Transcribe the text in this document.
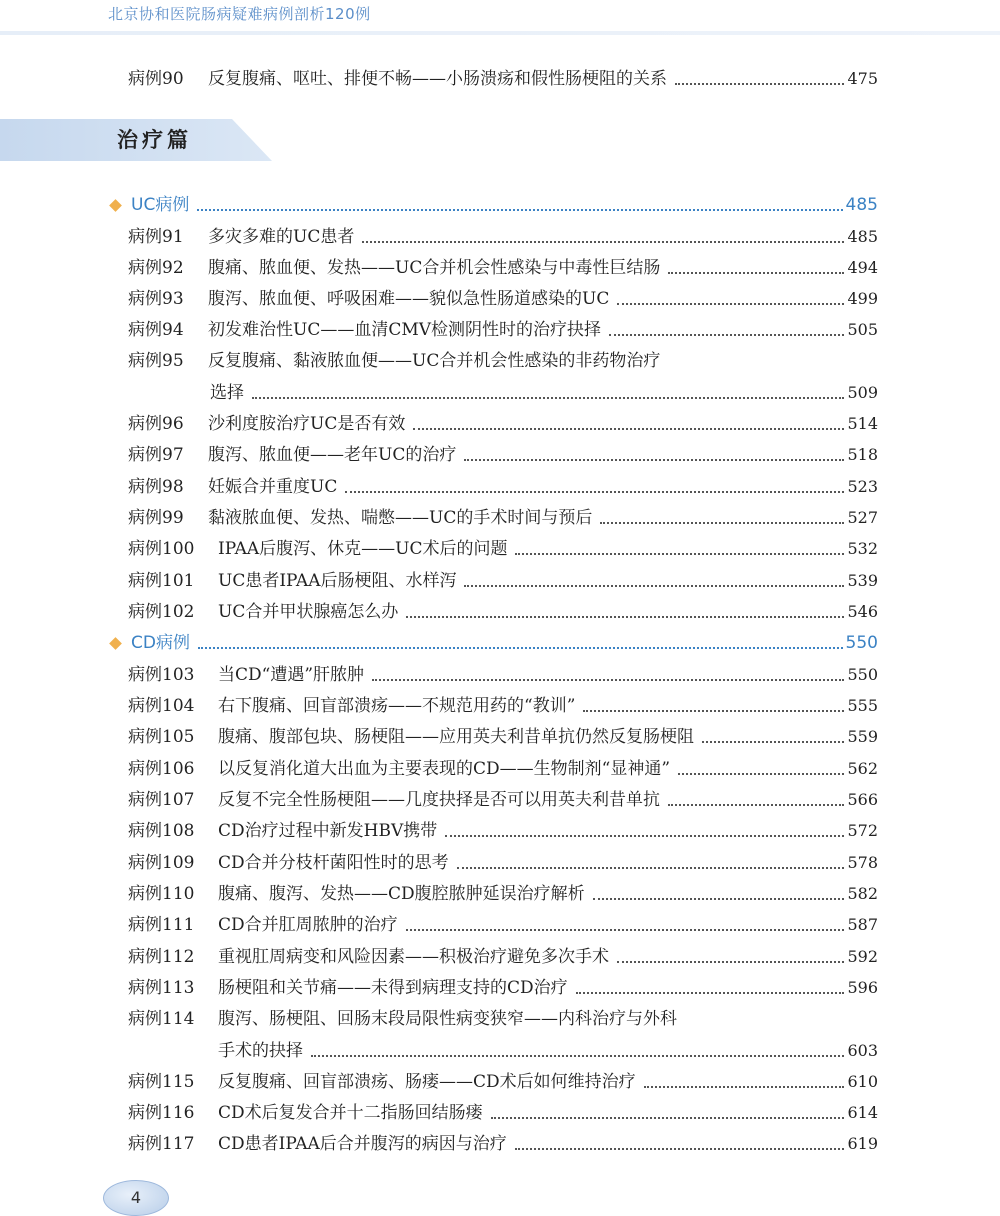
北京协和医院肠病疑难病例剖析120例
病例90	反复腹痛、呕吐、排便不畅——小肠溃疡和假性肠梗阻的关系	475
治疗篇
UC病例	485
病例91	多灾多难的UC患者	485
病例92	腹痛、脓血便、发热——UC合并机会性感染与中毒性巨结肠	494
病例93	腹泻、脓血便、呼吸困难——貌似急性肠道感染的UC	499
病例94	初发难治性UC——血清CMV检测阴性时的治疗抉择	505
病例95	反复腹痛、黏液脓血便——UC合并机会性感染的非药物治疗
选择	509
病例96	沙利度胺治疗UC是否有效	514
病例97	腹泻、脓血便——老年UC的治疗	518
病例98	妊娠合并重度UC	523
病例99	黏液脓血便、发热、喘憋——UC的手术时间与预后	527
病例100	IPAA后腹泻、休克——UC术后的问题	532
病例101	UC患者IPAA后肠梗阻、水样泻	539
病例102	UC合并甲状腺癌怎么办	546
CD病例	550
病例103	当CD“遭遇”肝脓肿	550
病例104	右下腹痛、回盲部溃疡——不规范用药的“教训”	555
病例105	腹痛、腹部包块、肠梗阻——应用英夫利昔单抗仍然反复肠梗阻	559
病例106	以反复消化道大出血为主要表现的CD——生物制剂“显神通”	562
病例107	反复不完全性肠梗阻——几度抉择是否可以用英夫利昔单抗	566
病例108	CD治疗过程中新发HBV携带	572
病例109	CD合并分枝杆菌阳性时的思考	578
病例110	腹痛、腹泻、发热——CD腹腔脓肿延误治疗解析	582
病例111	CD合并肛周脓肿的治疗	587
病例112	重视肛周病变和风险因素——积极治疗避免多次手术	592
病例113	肠梗阻和关节痛——未得到病理支持的CD治疗	596
病例114	腹泻、肠梗阻、回肠末段局限性病变狭窄——内科治疗与外科
手术的抉择	603
病例115	反复腹痛、回盲部溃疡、肠瘘——CD术后如何维持治疗	610
病例116	CD术后复发合并十二指肠回结肠瘘	614
病例117	CD患者IPAA后合并腹泻的病因与治疗	619
4
